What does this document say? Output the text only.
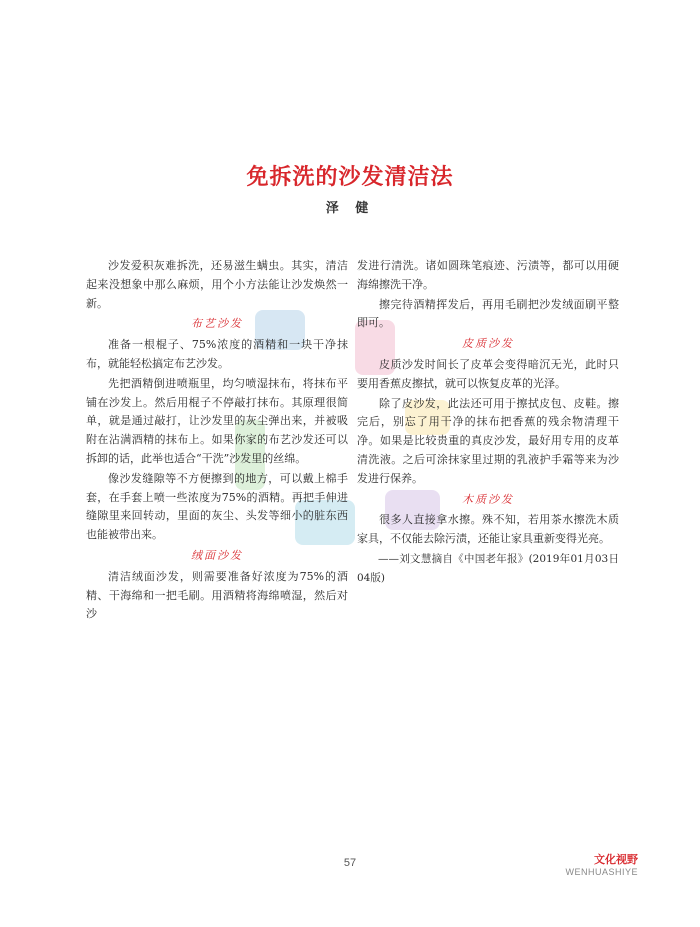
免拆洗的沙发清洁法
泽 健

沙发爱积灰难拆洗，还易滋生螨虫。其实，清洁起来没想象中那么麻烦，用个小方法能让沙发焕然一新。

布艺沙发

准备一根棍子、75%浓度的酒精和一块干净抹布，就能轻松搞定布艺沙发。

先把酒精倒进喷瓶里，均匀喷湿抹布，将抹布平铺在沙发上。然后用棍子不停敲打抹布。其原理很简单，就是通过敲打，让沙发里的灰尘弹出来，并被吸附在沾满酒精的抹布上。如果你家的布艺沙发还可以拆卸的话，此举也适合“干洗”沙发里的丝绵。

像沙发缝隙等不方便擦到的地方，可以戴上棉手套，在手套上喷一些浓度为75%的酒精。再把手伸进缝隙里来回转动，里面的灰尘、头发等细小的脏东西也能被带出来。

绒面沙发

清洁绒面沙发，则需要准备好浓度为75%的酒精、干海绵和一把毛刷。用酒精将海绵喷湿，然后对沙

发进行清洗。诸如圆珠笔痕迹、污渍等，都可以用硬海绵擦洗干净。

擦完待酒精挥发后，再用毛刷把沙发绒面刷平整即可。

皮质沙发

皮质沙发时间长了皮革会变得暗沉无光，此时只要用香蕉皮擦拭，就可以恢复皮革的光泽。

除了皮沙发，此法还可用于擦拭皮包、皮鞋。擦完后，别忘了用干净的抹布把香蕉的残余物清理干净。如果是比较贵重的真皮沙发，最好用专用的皮革清洗液。之后可涂抹家里过期的乳液护手霜等来为沙发进行保养。

木质沙发

很多人直接拿水擦。殊不知，若用茶水擦洗木质家具，不仅能去除污渍，还能让家具重新变得光亮。

——刘文慧摘自《中国老年报》(2019年01月03日04版)

57	文化视野
WENHUASHIYE
